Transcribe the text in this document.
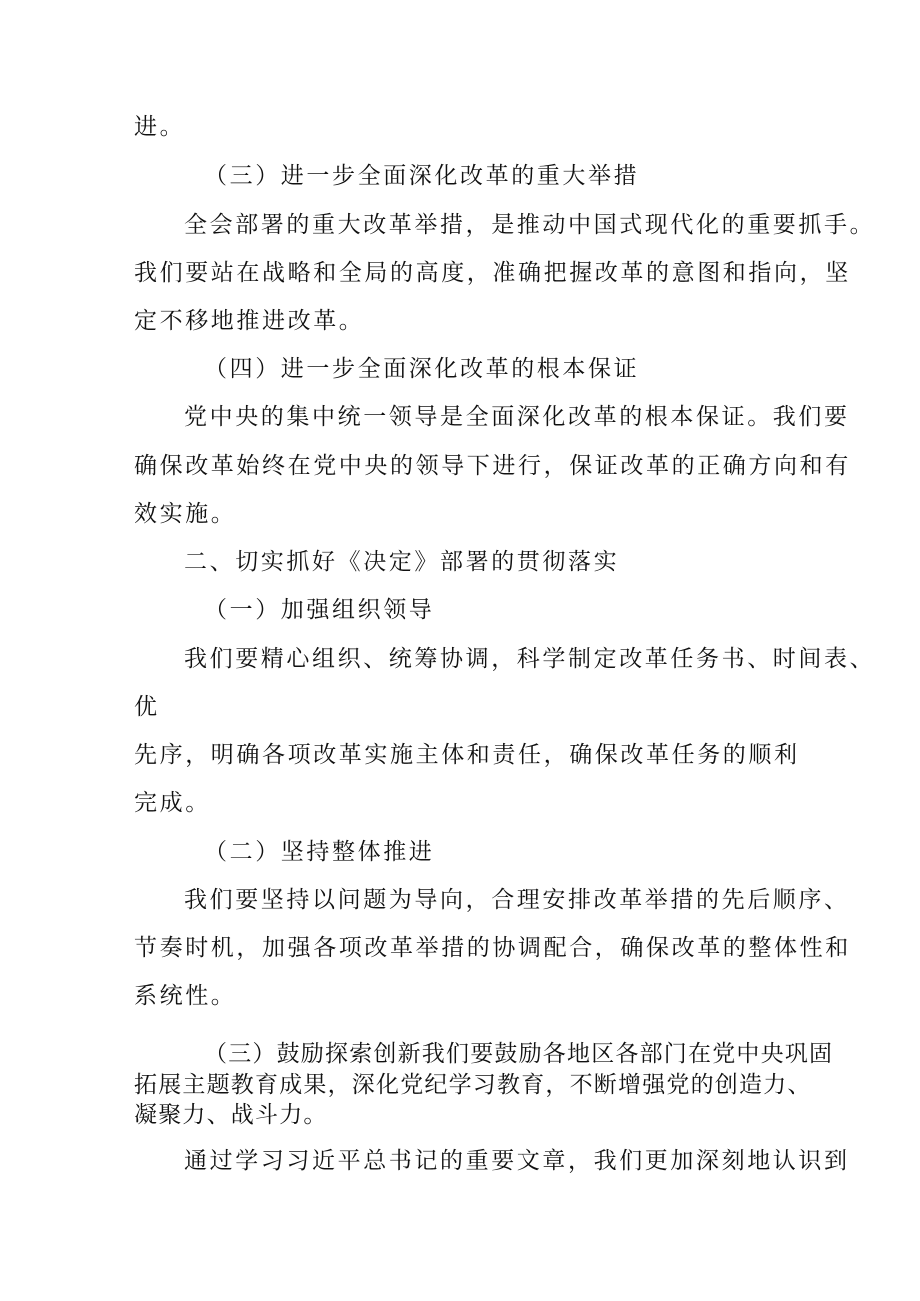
进。
（三）进一步全面深化改革的重大举措
全会部署的重大改革举措，是推动中国式现代化的重要抓手。
我们要站在战略和全局的高度，准确把握改革的意图和指向，坚
定不移地推进改革。
（四）进一步全面深化改革的根本保证
党中央的集中统一领导是全面深化改革的根本保证。我们要
确保改革始终在党中央的领导下进行，保证改革的正确方向和有
效实施。
二、切实抓好《决定》部署的贯彻落实
（一）加强组织领导
我们要精心组织、统筹协调，科学制定改革任务书、时间表、
优
先序，明确各项改革实施主体和责任，确保改革任务的顺利
完成。
（二）坚持整体推进
我们要坚持以问题为导向，合理安排改革举措的先后顺序、
节奏时机，加强各项改革举措的协调配合，确保改革的整体性和
系统性。
（三）鼓励探索创新我们要鼓励各地区各部门在党中央巩固
拓展主题教育成果，深化党纪学习教育，不断增强党的创造力、
凝聚力、战斗力。
通过学习习近平总书记的重要文章，我们更加深刻地认识到
